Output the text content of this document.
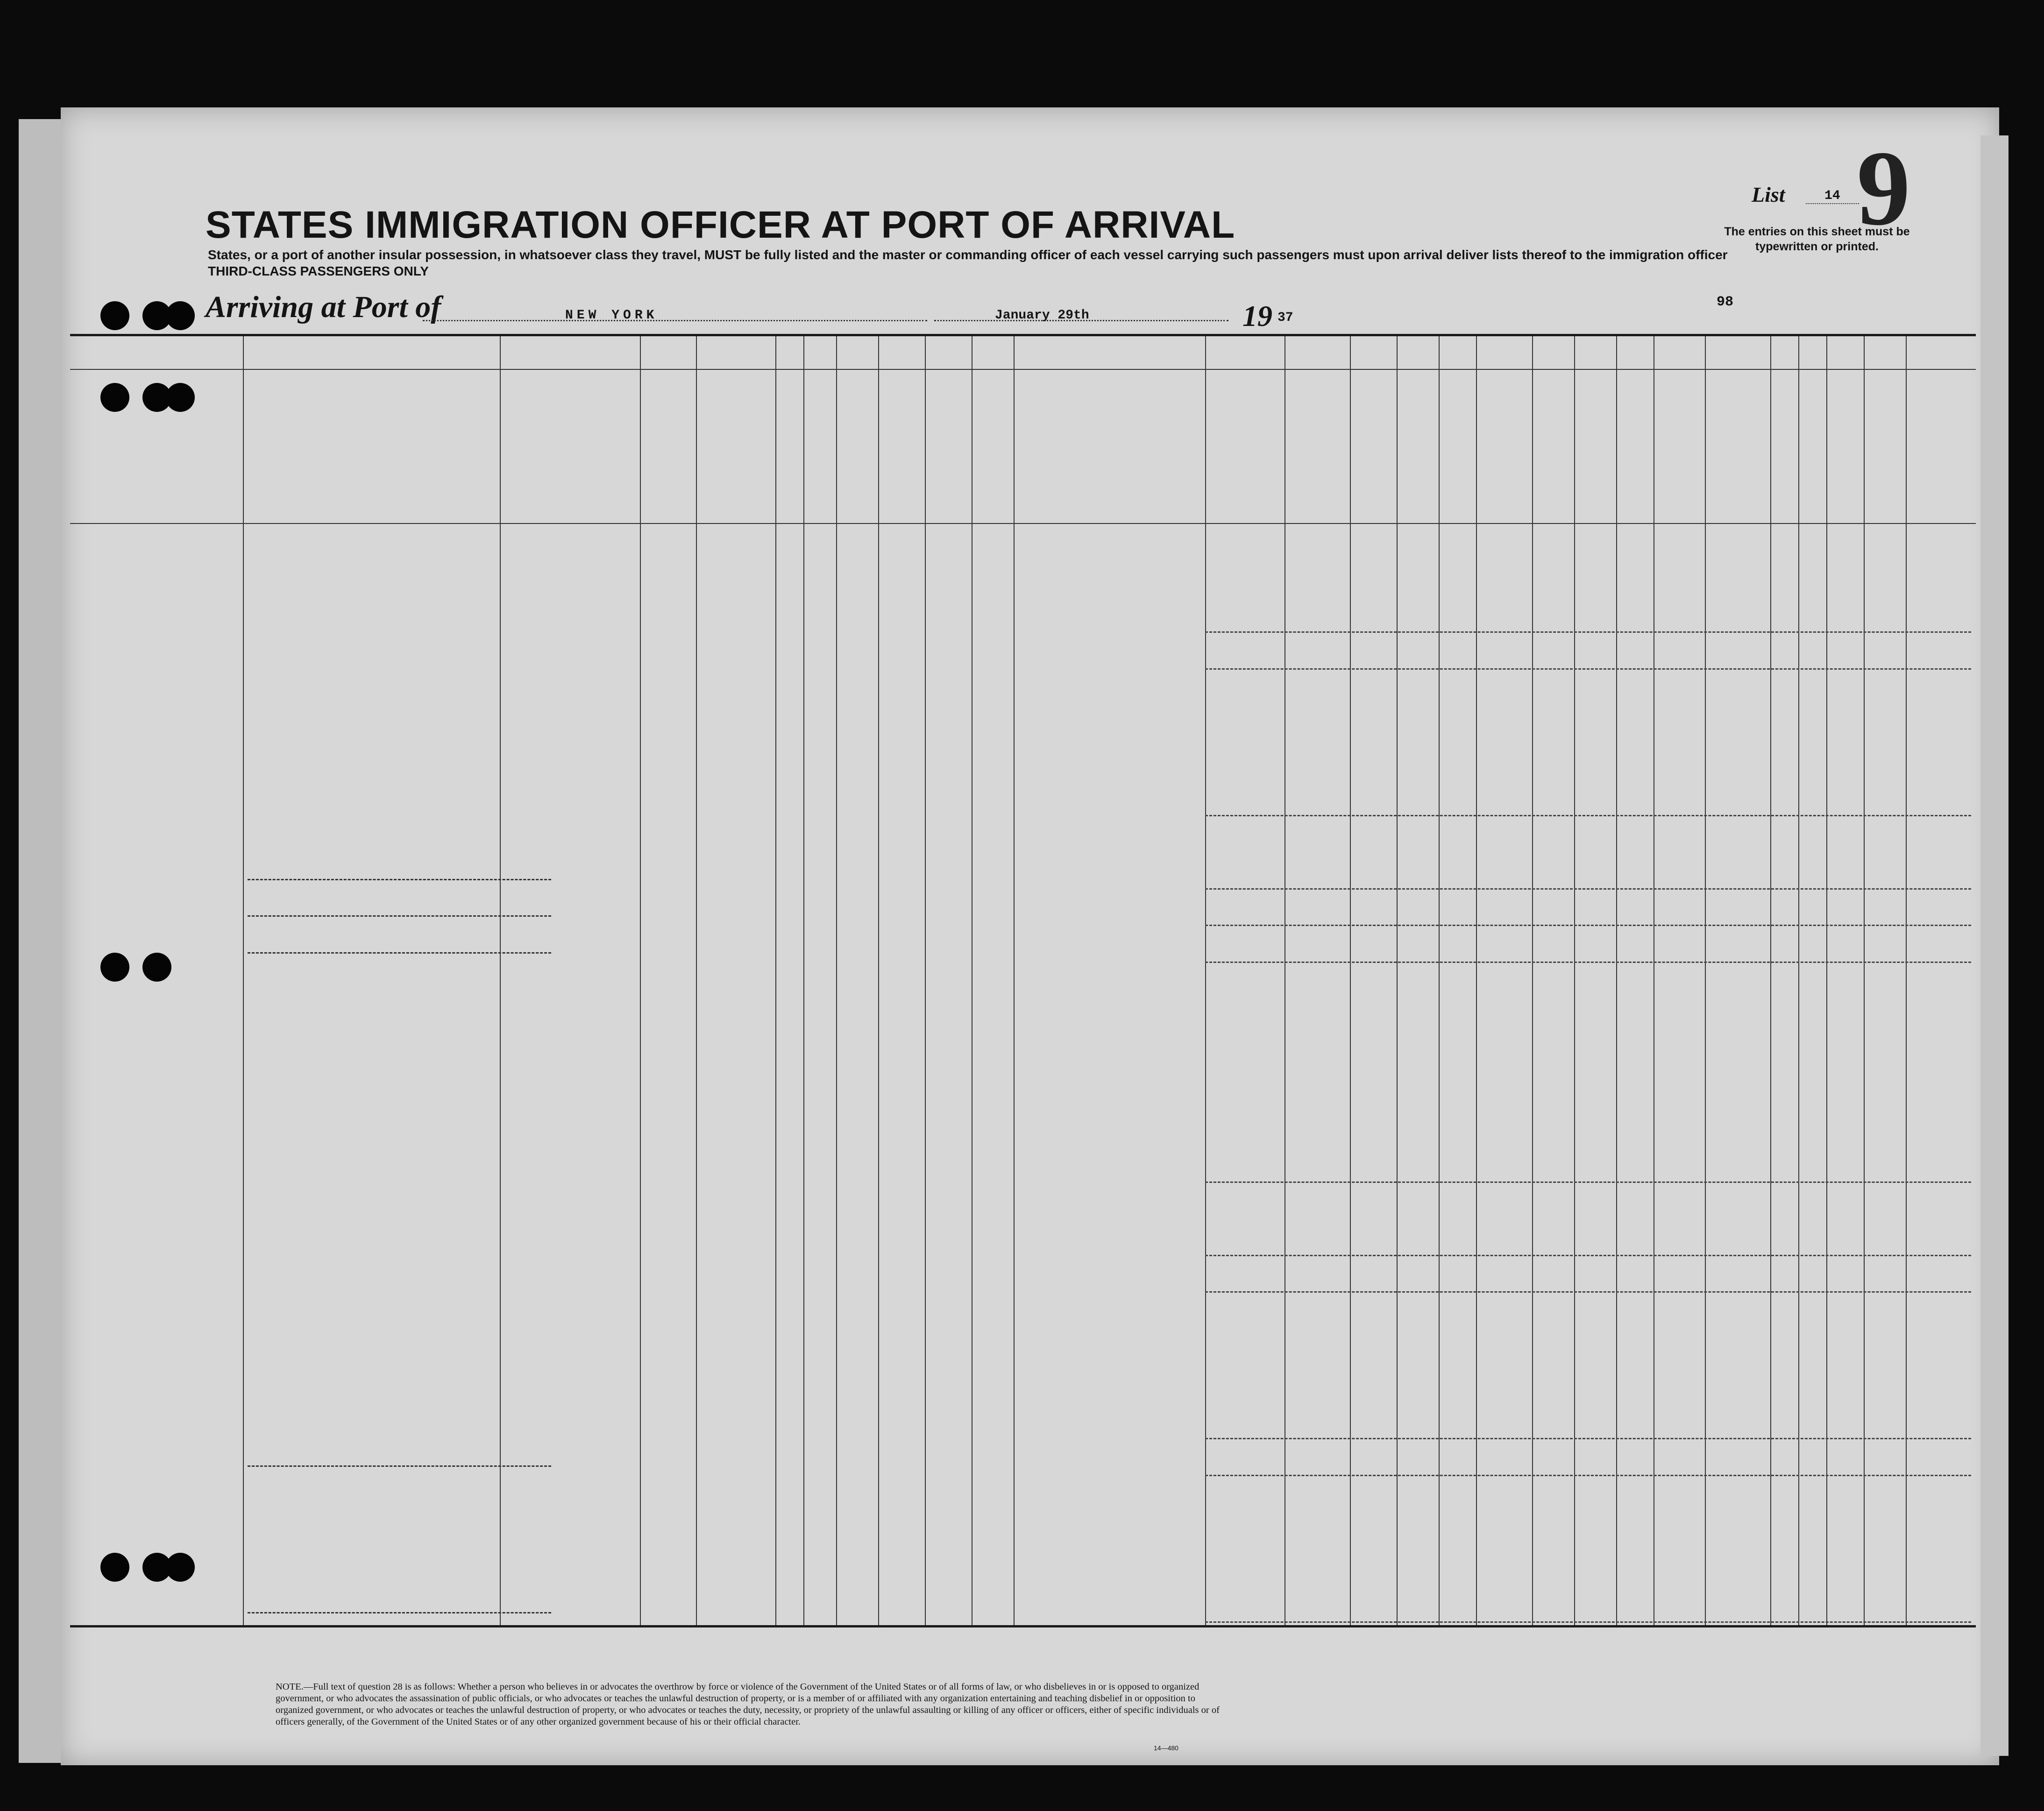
STATES IMMIGRATION OFFICER AT PORT OF ARRIVAL
States, or a port of another insular possession, in whatsoever class they travel, MUST be fully listed and the master or commanding officer of each vessel carrying such passengers must upon arrival deliver lists thereof to the immigration officer
THIRD-CLASS PASSENGERS ONLY
Arriving at Port of	NEW YORK	January 29th	19 37
98
List	14 9
The entries on this sheet must be typewritten or printed.
NOTE.—Full text of question 28 is as follows: Whether a person who believes in or advocates the overthrow by force or violence of the Government of the United States or of all forms of law, or who disbelieves in or is opposed to organized government, or who advocates the assassination of public officials, or who advocates or teaches the unlawful destruction of property, or is a member of or affiliated with any organization entertaining and teaching disbelief in or opposition to organized government, or who advocates or teaches the unlawful destruction of property, or who advocates or teaches the duty, necessity, or propriety of the unlawful assaulting or killing of any officer or officers, either of specific individuals or of officers generally, of the Government of the United States or of any other organized government because of his or their official character.
14—480
